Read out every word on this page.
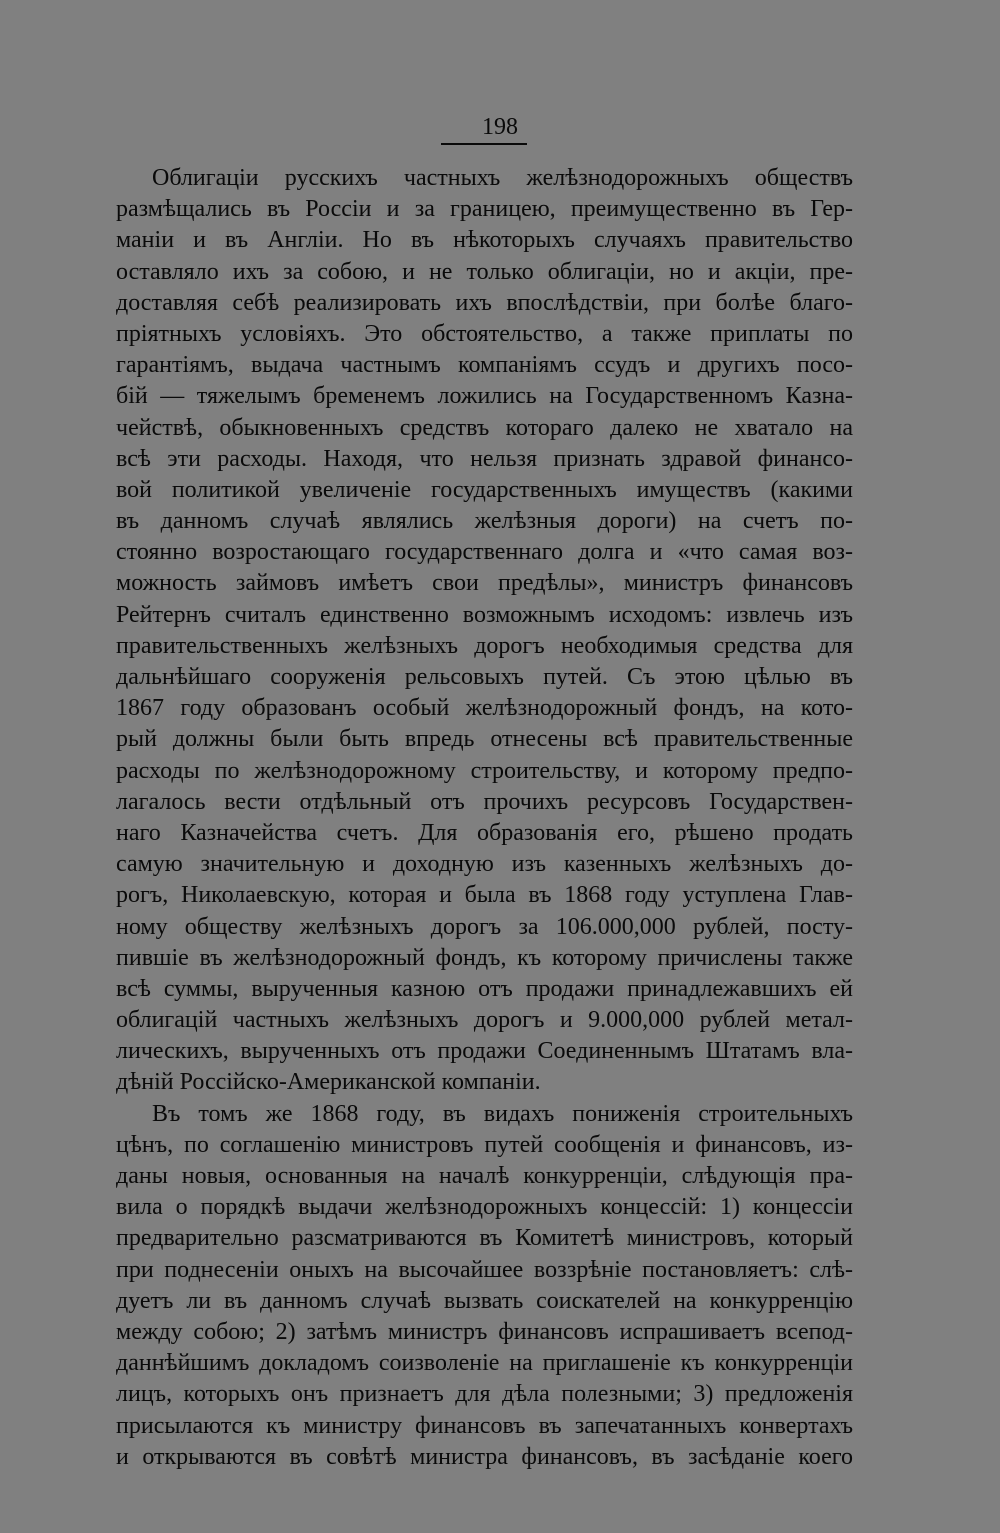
198
Облигацiи русскихъ частныхъ желѣзнодорожныхъ обществъ
размѣщались въ Россiи и за границею, преимущественно въ Гер-
манiи и въ Англiи. Но въ нѣкоторыхъ случаяхъ правительство
оставляло ихъ за собою, и не только облигацiи, но и акцiи, пре-
доставляя себѣ реализировать ихъ впослѣдствiи, при болѣе благо-
прiятныхъ условiяхъ. Это обстоятельство, а также приплаты по
гарантiямъ, выдача частнымъ компанiямъ ссудъ и другихъ посо-
бiй — тяжелымъ бременемъ ложились на Государственномъ Казна-
чействѣ, обыкновенныхъ средствъ котораго далеко не хватало на
всѣ эти расходы. Находя, что нельзя признать здравой финансо-
вой политикой увеличенiе государственныхъ имуществъ (какими
въ данномъ случаѣ являлись желѣзныя дороги) на счетъ по-
стоянно возростающаго государственнаго долга и «что самая воз-
можность займовъ имѣетъ свои предѣлы», министръ финансовъ
Рейтернъ считалъ единственно возможнымъ исходомъ: извлечь изъ
правительственныхъ желѣзныхъ дорогъ необходимыя средства для
дальнѣйшаго сооруженiя рельсовыхъ путей. Съ этою цѣлью въ
1867 году образованъ особый желѣзнодорожный фондъ, на кото-
рый должны были быть впредь отнесены всѣ правительственные
расходы по желѣзнодорожному строительству, и которому предпо-
лагалось вести отдѣльный отъ прочихъ ресурсовъ Государствен-
наго Казначейства счетъ. Для образованiя его, рѣшено продать
самую значительную и доходную изъ казенныхъ желѣзныхъ до-
рогъ, Николаевскую, которая и была въ 1868 году уступлена Глав-
ному обществу желѣзныхъ дорогъ за 106.000,000 рублей, посту-
пившiе въ желѣзнодорожный фондъ, къ которому причислены также
всѣ суммы, вырученныя казною отъ продажи принадлежавшихъ ей
облигацiй частныхъ желѣзныхъ дорогъ и 9.000,000 рублей метал-
лическихъ, вырученныхъ отъ продажи Соединеннымъ Штатамъ вла-
дѣнiй Россiйско-Американской компанiи.
Въ томъ же 1868 году, въ видахъ пониженiя строительныхъ
цѣнъ, по соглашенiю министровъ путей сообщенiя и финансовъ, из-
даны новыя, основанныя на началѣ конкурренцiи, слѣдующiя пра-
вила о порядкѣ выдачи желѣзнодорожныхъ концессiй: 1) концессiи
предварительно разсматриваются въ Комитетѣ министровъ, который
при поднесенiи оныхъ на высочайшее воззрѣнiе постановляетъ: слѣ-
дуетъ ли въ данномъ случаѣ вызвать соискателей на конкурренцiю
между собою; 2) затѣмъ министръ финансовъ испрашиваетъ всепод-
даннѣйшимъ докладомъ соизволенiе на приглашенiе къ конкурренцiи
лицъ, которыхъ онъ признаетъ для дѣла полезными; 3) предложенiя
присылаются къ министру финансовъ въ запечатанныхъ конвертахъ
и открываются въ совѣтѣ министра финансовъ, въ засѣданiе коего
